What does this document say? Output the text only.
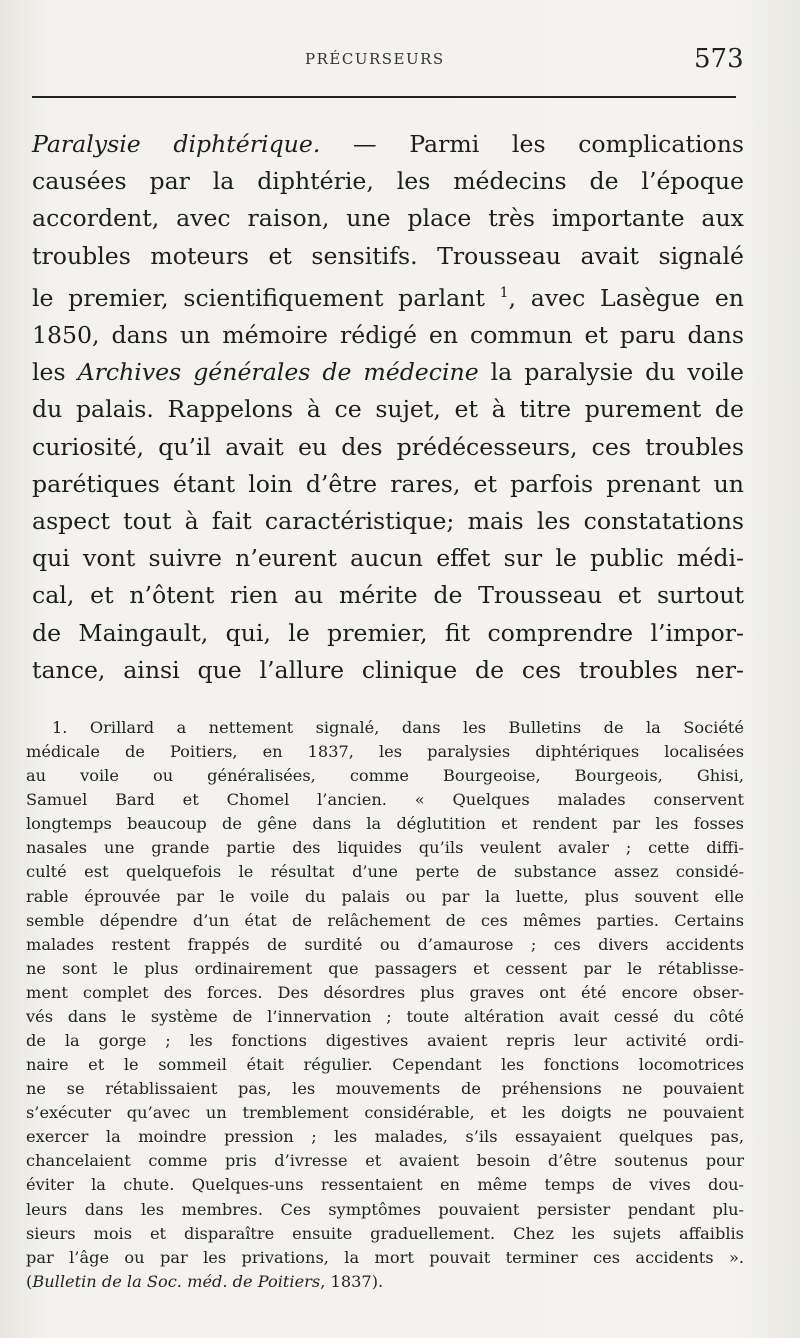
PRÉCURSEURS	573
Paralysie diphtérique. — Parmi les complications
causées par la diphtérie, les médecins de l’époque
accordent, avec raison, une place très importante aux
troubles moteurs et sensitifs. Trousseau avait signalé
le premier, scientifiquement parlant $^1$, avec Lasègue en
1850, dans un mémoire rédigé en commun et paru dans
les Archives générales de médecine la paralysie du voile
du palais. Rappelons à ce sujet, et à titre purement de
curiosité, qu’il avait eu des prédécesseurs, ces troubles
parétiques étant loin d’être rares, et parfois prenant un
aspect tout à fait caractéristique; mais les constatations
qui vont suivre n’eurent aucun effet sur le public médi-
cal, et n’ôtent rien au mérite de Trousseau et surtout
de Maingault, qui, le premier, fit comprendre l’impor-
tance, ainsi que l’allure clinique de ces troubles ner-
1. Orillard a nettement signalé, dans les Bulletins de la Société
médicale de Poitiers, en 1837, les paralysies diphtériques localisées
au voile ou généralisées, comme Bourgeoise, Bourgeois, Ghisi,
Samuel Bard et Chomel l’ancien. « Quelques malades conservent
longtemps beaucoup de gêne dans la déglutition et rendent par les fosses
nasales une grande partie des liquides qu’ils veulent avaler ; cette diffi-
culté est quelquefois le résultat d’une perte de substance assez considé-
rable éprouvée par le voile du palais ou par la luette, plus souvent elle
semble dépendre d’un état de relâchement de ces mêmes parties. Certains
malades restent frappés de surdité ou d’amaurose ; ces divers accidents
ne sont le plus ordinairement que passagers et cessent par le rétablisse-
ment complet des forces. Des désordres plus graves ont été encore obser-
vés dans le système de l’innervation ; toute altération avait cessé du côté
de la gorge ; les fonctions digestives avaient repris leur activité ordi-
naire et le sommeil était régulier. Cependant les fonctions locomotrices
ne se rétablissaient pas, les mouvements de préhensions ne pouvaient
s’exécuter qu’avec un tremblement considérable, et les doigts ne pouvaient
exercer la moindre pression ; les malades, s’ils essayaient quelques pas,
chancelaient comme pris d’ivresse et avaient besoin d’être soutenus pour
éviter la chute. Quelques-uns ressentaient en même temps de vives dou-
leurs dans les membres. Ces symptômes pouvaient persister pendant plu-
sieurs mois et disparaître ensuite graduellement. Chez les sujets affaiblis
par l’âge ou par les privations, la mort pouvait terminer ces accidents ».
(Bulletin de la Soc. méd. de Poitiers, 1837).
